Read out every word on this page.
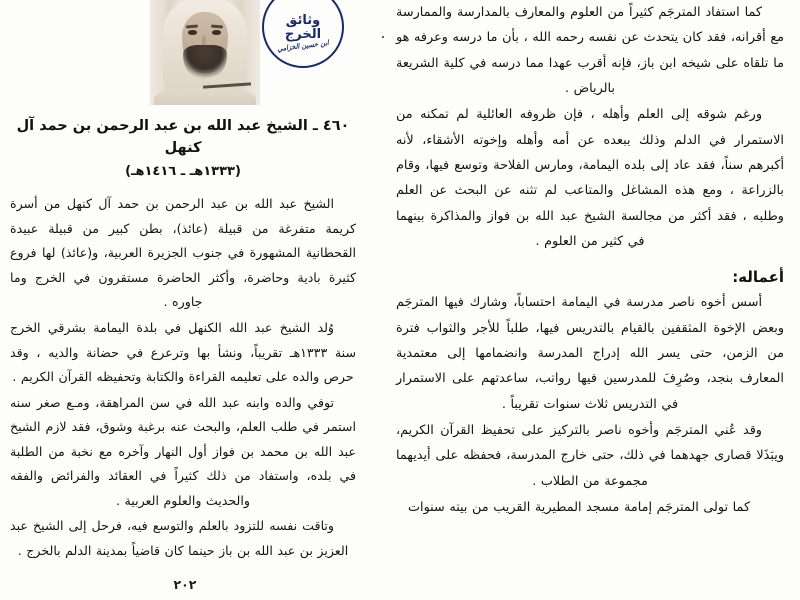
وثائق
الخرج
ابن حسين الخزامي
٤٦٠ ـ الشيخ عبد الله بن عبد الرحمن بن حمد آل كنهل
(١٣٣٣هـ ـ ١٤١٦هـ)

الشيخ عبد الله بن عبد الرحمن بن حمد آل كنهل من أسرة كريمة متفرغة من قبيلة (عائذ)، بطن كبير من قبيلة عبيدة القحطانية المشهورة في جنوب الجزيرة العربية، و(عائذ) لها فروع كثيرة بادية وحاضرة، وأكثر الحاضرة مستقرون في الخرج وما جاوره .

وُلد الشيخ عبد الله الكنهل في بلدة اليمامة بشرقي الخرج سنة ١٣٣٣هـ تقريباً، ونشأ بها وترعرع في حضانة والديه ، وقد حرص والده على تعليمه القراءة والكتابة وتحفيظه القرآن الكريم .

توفي والده وابنه عبد الله في سن المراهقة، ومـع صغر سنه استمر في طلب العلم، والبحث عنه برغبة وشوق، فقد لازم الشيخ عبد الله بن محمد بن فواز أول النهار وآخره مع نخبة من الطلبة في بلده، واستفاد من ذلك كثيراً في العقائد والفرائض والفقه والحديث والعلوم العربية .

وتاقت نفسه للتزود بالعلم والتوسع فيه، فرحل إلى الشيخ عبد العزيز بن عبد الله بن باز حينما كان قاضياً بمدينة الدلم بالخرج .

٢٠٢

كما استفاد المترجَم كثيراً من العلوم والمعارف بالمدارسة والممارسة مع أقرانه، فقد كان يتحدث عن نفسه رحمه الله ، بأن ما درسه وعرفه هو ما تلقاه على شيخه ابن باز، فإنه أقرب عهدا مما درسه في كلية الشريعة بالرياض .

ورغم شوقه إلى العلم وأهله ، فإن ظروفه العائلية لم تمكنه من الاستمرار في الدلم وذلك ببعده عن أمه وأهله وإخوته الأشقاء، لأنه أكبرهم سناً، فقد عاد إلى بلده اليمامة، ومارس الفلاحة وتوسع فيها، وقام بالزراعة ، ومع هذه المشاغل والمتاعب لم تثنه عن البحث عن العلم وطلبه ، فقد أكثر من مجالسة الشيخ عبد الله بن فواز والمذاكرة بينهما في كثير من العلوم .

أعماله:

أسس أخوه ناصر مدرسة في اليمامة احتساباً، وشارك فيها المترجَم وبعض الإخوة المثقفين بالقيام بالتدريس فيها، طلباً للأجر والثواب فترة من الزمن، حتى يسر الله إدراج المدرسة وانضمامها إلى معتمدية المعارف بنجد، وصُرِفَ للمدرسين فيها رواتب، ساعدتهم على الاستمرار في التدريس ثلاث سنوات تقريباً .

وقد عُني المترجَم وأخوه ناصر بالتركيز على تحفيظ القرآن الكريم، ويبَذَلا قصارى جهدهما في ذلك، حتى خارج المدرسة، فحفظه على أيديهما مجموعة من الطلاب .

كما تولى المترجَم إمامة مسجد المطيرية القريب من بيته سنوات
